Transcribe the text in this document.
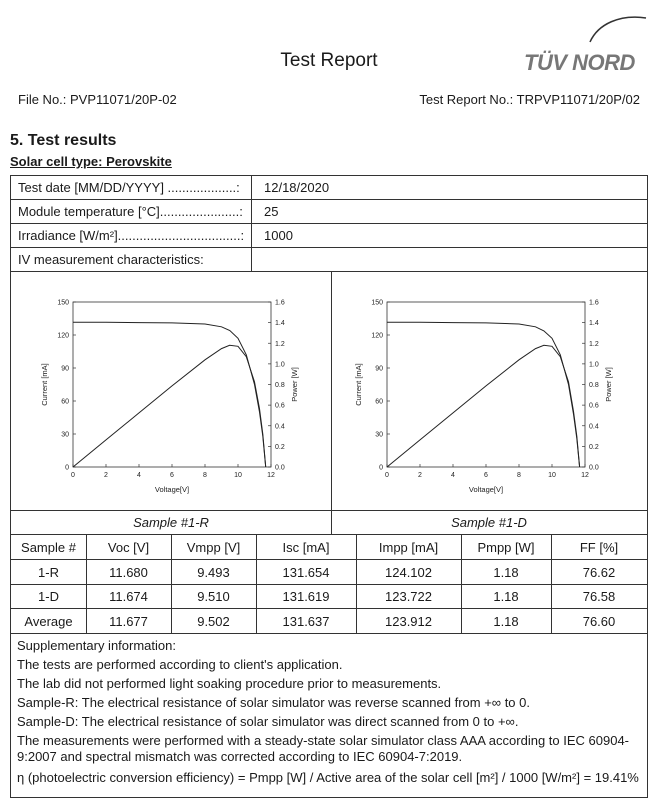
Test Report	TÜV NORD
File No.: PVP11071/20P-02	Test Report No.: TRPVP11071/20P/02
5. Test results
Solar cell type: Perovskite
Test date [MM/DD/YYYY] ...................: 12/18/2020
Module temperature [°C]......................: 25
Irradiance [W/m²]..................................: 1000
IV measurement characteristics:
0	2	4	6	8	10	12
0
30
60
90
120
150
0.0
0.2
0.4
0.6
0.8
1.0
1.2
1.4
1.6
Voltage[V]
Current [mA]	Power [W]
0	2	4	6	8	10	12
0
30
60
90
120
150
0.0
0.2
0.4
0.6
0.8
1.0
1.2
1.4
1.6
Voltage[V]
Current [mA]	Power [W]
Sample #1-R	Sample #1-D
Sample #	Voc [V]	Vmpp [V]	Isc [mA]	Impp [mA]	Pmpp [W]	FF [%]
1-R	11.680	9.493	131.654	124.102	1.18	76.62
1-D	11.674	9.510	131.619	123.722	1.18	76.58
Average	11.677	9.502	131.637	123.912	1.18	76.60
Supplementary information:
The tests are performed according to client's application.
The lab did not performed light soaking procedure prior to measurements.
Sample-R: The electrical resistance of solar simulator was reverse scanned from +∞ to 0.
Sample-D: The electrical resistance of solar simulator was direct scanned from 0 to +∞.
The measurements were performed with a steady-state solar simulator class AAA according to IEC 60904-
9:2007 and spectral mismatch was corrected according to IEC 60904-7:2019.
η (photoelectric conversion efficiency) = Pmpp [W] / Active area of the solar cell [m²] / 1000 [W/m²] = 19.41%
